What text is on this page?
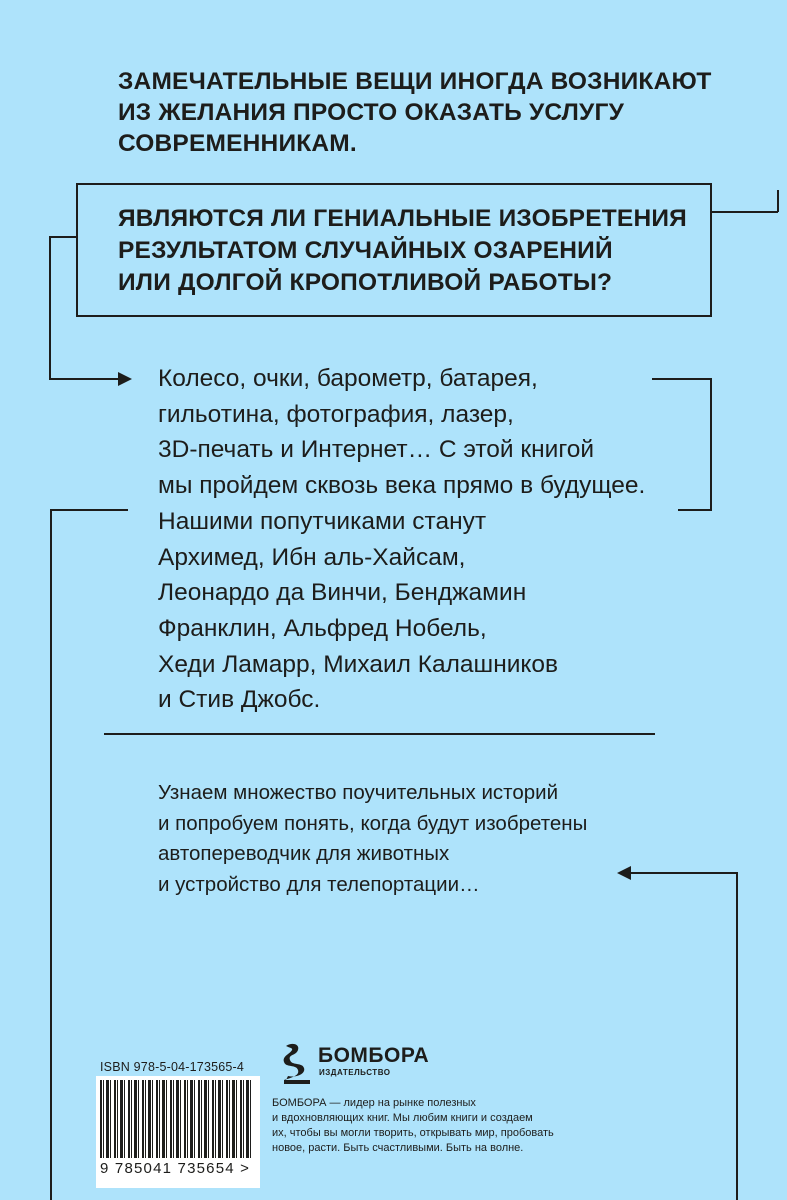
ЗАМЕЧАТЕЛЬНЫЕ ВЕЩИ ИНОГДА ВОЗНИКАЮТ
ИЗ ЖЕЛАНИЯ ПРОСТО ОКАЗАТЬ УСЛУГУ
СОВРЕМЕННИКАМ.
ЯВЛЯЮТСЯ ЛИ ГЕНИАЛЬНЫЕ ИЗОБРЕТЕНИЯ
РЕЗУЛЬТАТОМ СЛУЧАЙНЫХ ОЗАРЕНИЙ
ИЛИ ДОЛГОЙ КРОПОТЛИВОЙ РАБОТЫ?
Колесо, очки, барометр, батарея,
гильотина, фотография, лазер,
3D-печать и Интернет… С этой книгой
мы пройдем сквозь века прямо в будущее.
Нашими попутчиками станут
Архимед, Ибн аль-Хайсам,
Леонардо да Винчи, Бенджамин
Франклин, Альфред Нобель,
Хеди Ламарр, Михаил Калашников
и Стив Джобс.
Узнаем множество поучительных историй
и попробуем понять, когда будут изобретены
автопереводчик для животных
и устройство для телепортации…
ISBN 978-5-04-173565-4
9 785041 735654 >
БОМБОРА
ИЗДАТЕЛЬСТВО
БОМБОРА — лидер на рынке полезных
и вдохновляющих книг. Мы любим книги и создаем
их, чтобы вы могли творить, открывать мир, пробовать
новое, расти. Быть счастливыми. Быть на волне.
